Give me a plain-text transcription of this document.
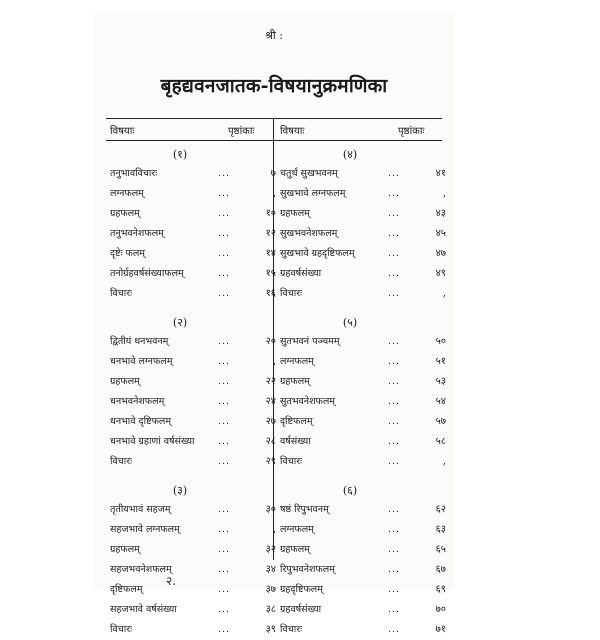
श्री :
बृहद्यवनजातक-विषयानुक्रमणिका
विषयाः	पृष्ठांकाः	विषयाः	पृष्ठांकाः
(१)
तनुभावविचारः	...	७
लग्नफलम्	...	,
ग्रहफलम्	...	१०
तनुभवनेशफलम्	...	१२
दृष्टेः फलम्	...	१४
तनोर्ग्रहवर्षसंख्याफलम्	...	१५
विचारः	...	१६
(२)
द्वितीयं धनभवनम्	...	२०
धनभावे लग्नफलम्	...	,
ग्रहफलम्	...	२२
धनभवनेशफलम्	...	२४
धनभावे दृष्टिफलम्	...	२७
धनभावे ग्रहाणां वर्षसंख्या ...	२८
विचारः	...	२९
(३)
तृतीयभावं सहजम्	...	३०
सहजभावे लग्नफलम्	...	,
ग्रहफलम्	...	३२
सहजभवनेशफलम्	...	३४
दृष्टिफलम्	...	३७
सहजभावे वर्षसंख्या	...	३८
विचारः	...	३९
(४)
चतुर्थं सुखभवनम्	...	४१
सुखभावे लग्नफलम्	...	,
ग्रहफलम्	...	४३
सुखभवनेशफलम्	...	४५
सुखभावे ग्रहदृष्टिफलम्	...	४७
ग्रहवर्षसंख्या	...	४९
विचारः	...	,
(५)
सुतभवनं पञ्चमम्	...	५०
लग्नफलम्	...	५१
ग्रहफलम्	...	५३
सुतभवनेशफलम्	...	५४
दृष्टिफलम्	...	५७
वर्षसंख्या	...	५८
विचारः	...	,
(६)
षष्ठं रिपुभवनम्	...	६२
लग्नफलम्	...	६३
ग्रहफलम्	...	६५
रिपुभवनेशफलम्	...	६७
ग्रहदृष्टिफलम्	...	६९
ग्रहवर्षसंख्या	...	७०
विचारः	...	७१
२.
